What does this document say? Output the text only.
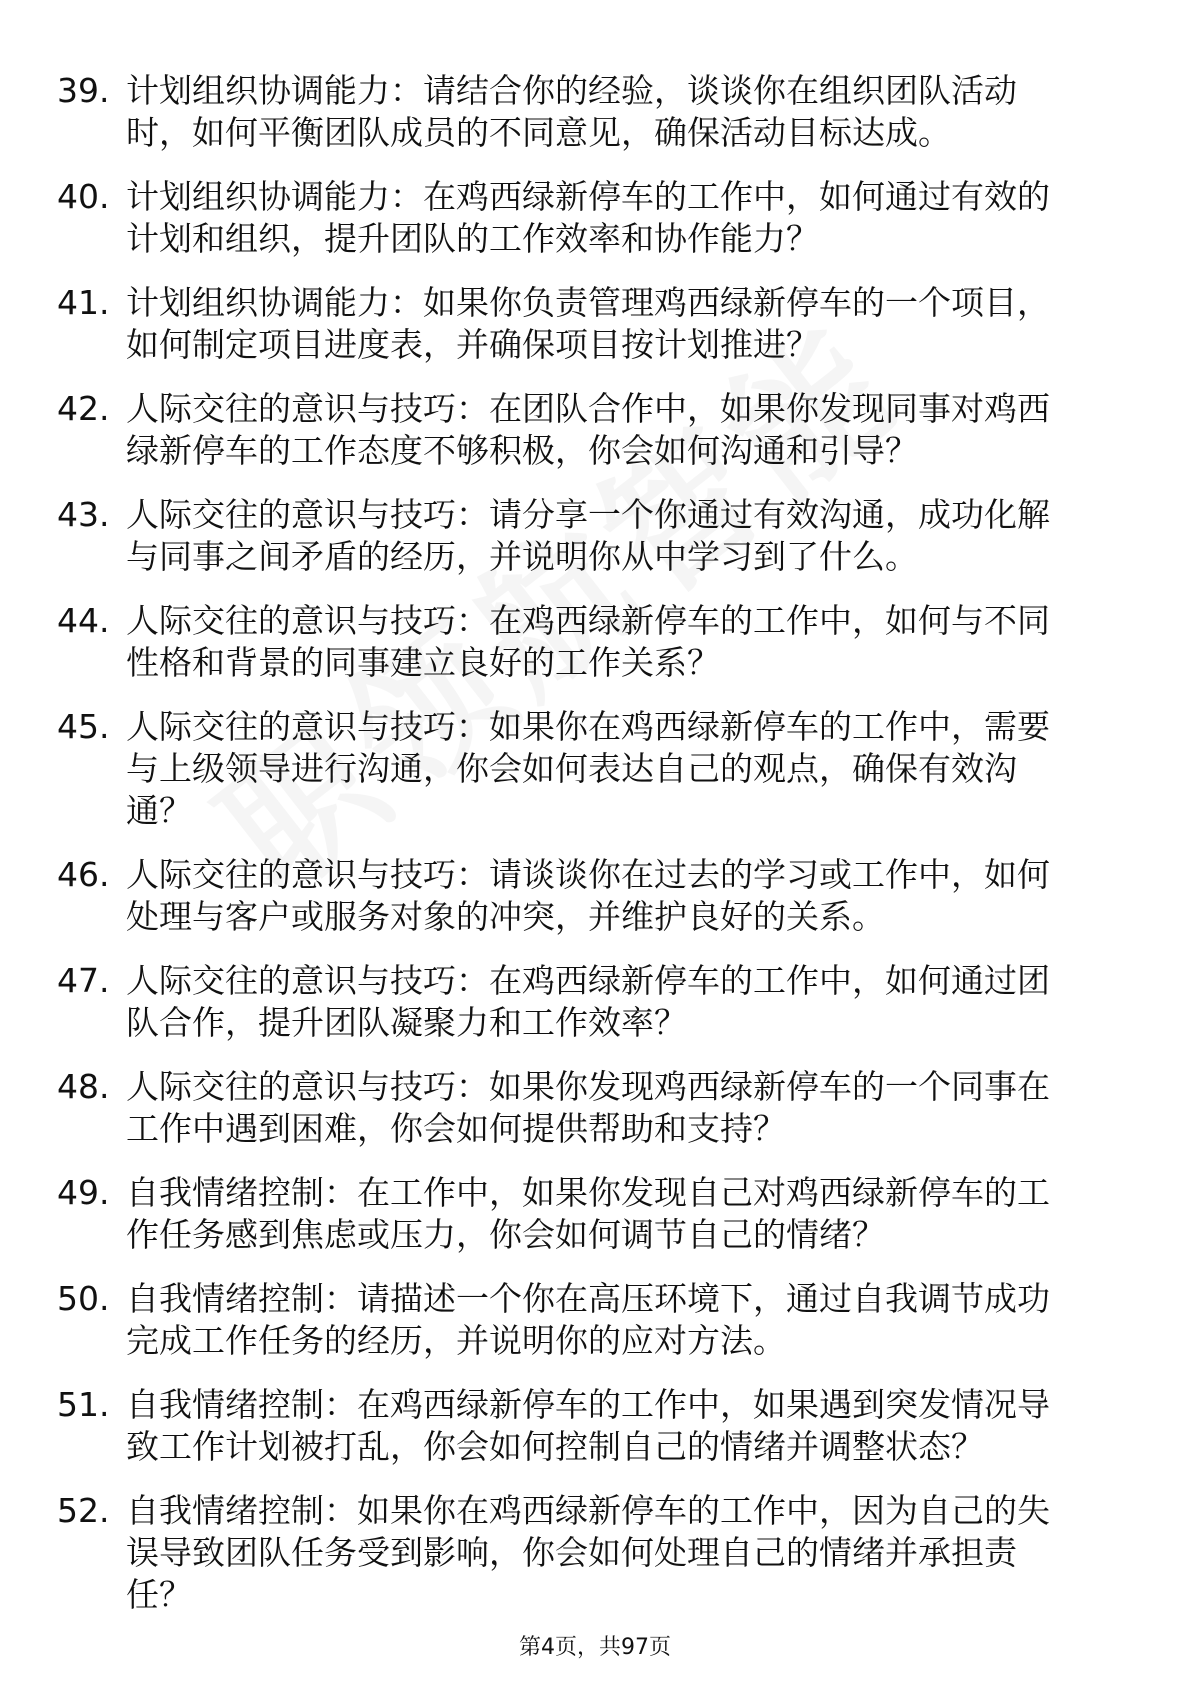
39. 计划组织协调能力：请结合你的经验，谈谈你在组织团队活动时，如何平衡团队成员的不同意见，确保活动目标达成。
40. 计划组织协调能力：在鸡西绿新停车的工作中，如何通过有效的计划和组织，提升团队的工作效率和协作能力？
41. 计划组织协调能力：如果你负责管理鸡西绿新停车的一个项目，如何制定项目进度表，并确保项目按计划推进？
42. 人际交往的意识与技巧：在团队合作中，如果你发现同事对鸡西绿新停车的工作态度不够积极，你会如何沟通和引导？
43. 人际交往的意识与技巧：请分享一个你通过有效沟通，成功化解与同事之间矛盾的经历，并说明你从中学习到了什么。
44. 人际交往的意识与技巧：在鸡西绿新停车的工作中，如何与不同性格和背景的同事建立良好的工作关系？
45. 人际交往的意识与技巧：如果你在鸡西绿新停车的工作中，需要与上级领导进行沟通，你会如何表达自己的观点，确保有效沟通？
46. 人际交往的意识与技巧：请谈谈你在过去的学习或工作中，如何处理与客户或服务对象的冲突，并维护良好的关系。
47. 人际交往的意识与技巧：在鸡西绿新停车的工作中，如何通过团队合作，提升团队凝聚力和工作效率？
48. 人际交往的意识与技巧：如果你发现鸡西绿新停车的一个同事在工作中遇到困难，你会如何提供帮助和支持？
49. 自我情绪控制：在工作中，如果你发现自己对鸡西绿新停车的工作任务感到焦虑或压力，你会如何调节自己的情绪？
50. 自我情绪控制：请描述一个你在高压环境下，通过自我调节成功完成工作任务的经历，并说明你的应对方法。
51. 自我情绪控制：在鸡西绿新停车的工作中，如果遇到突发情况导致工作计划被打乱，你会如何控制自己的情绪并调整状态？
52. 自我情绪控制：如果你在鸡西绿新停车的工作中，因为自己的失误导致团队任务受到影响，你会如何处理自己的情绪并承担责任？
第4页，共97页
